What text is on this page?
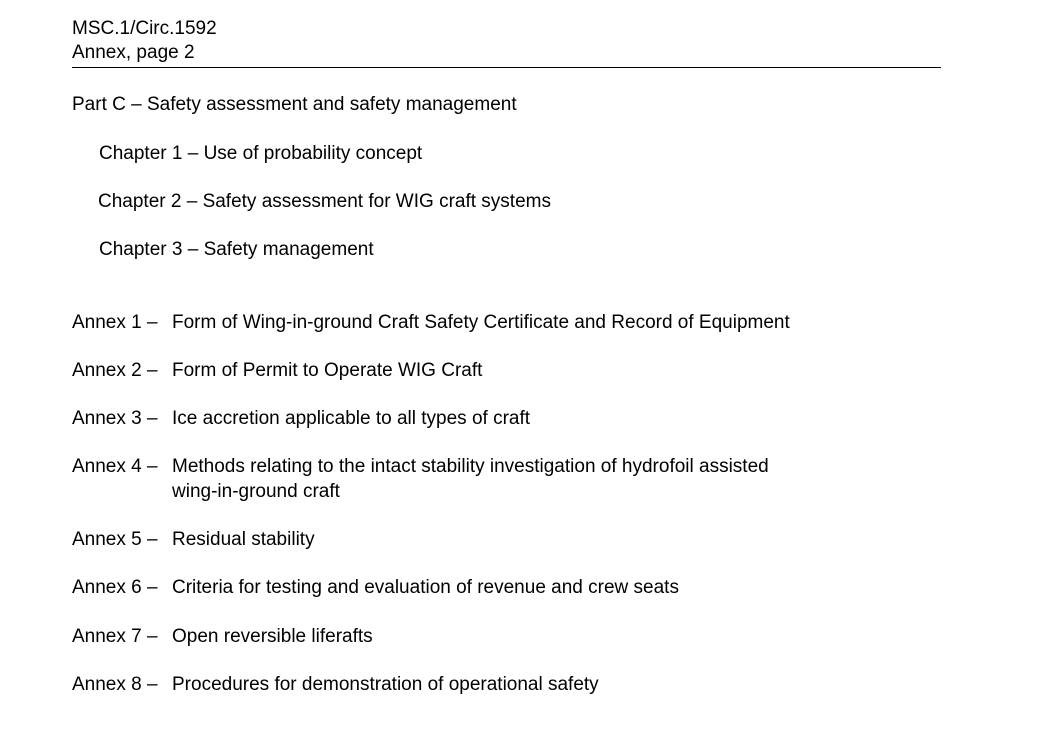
MSC.1/Circ.1592
Annex, page 2
Part C – Safety assessment and safety management
Chapter 1 – Use of probability concept
Chapter 2 – Safety assessment for WIG craft systems
Chapter 3 – Safety management
Annex 1 – Form of Wing-in-ground Craft Safety Certificate and Record of Equipment
Annex 2 – Form of Permit to Operate WIG Craft
Annex 3 – Ice accretion applicable to all types of craft
Annex 4 – Methods relating to the intact stability investigation of hydrofoil assisted wing-in-ground craft
Annex 5 – Residual stability
Annex 6 – Criteria for testing and evaluation of revenue and crew seats
Annex 7 – Open reversible liferafts
Annex 8 – Procedures for demonstration of operational safety
